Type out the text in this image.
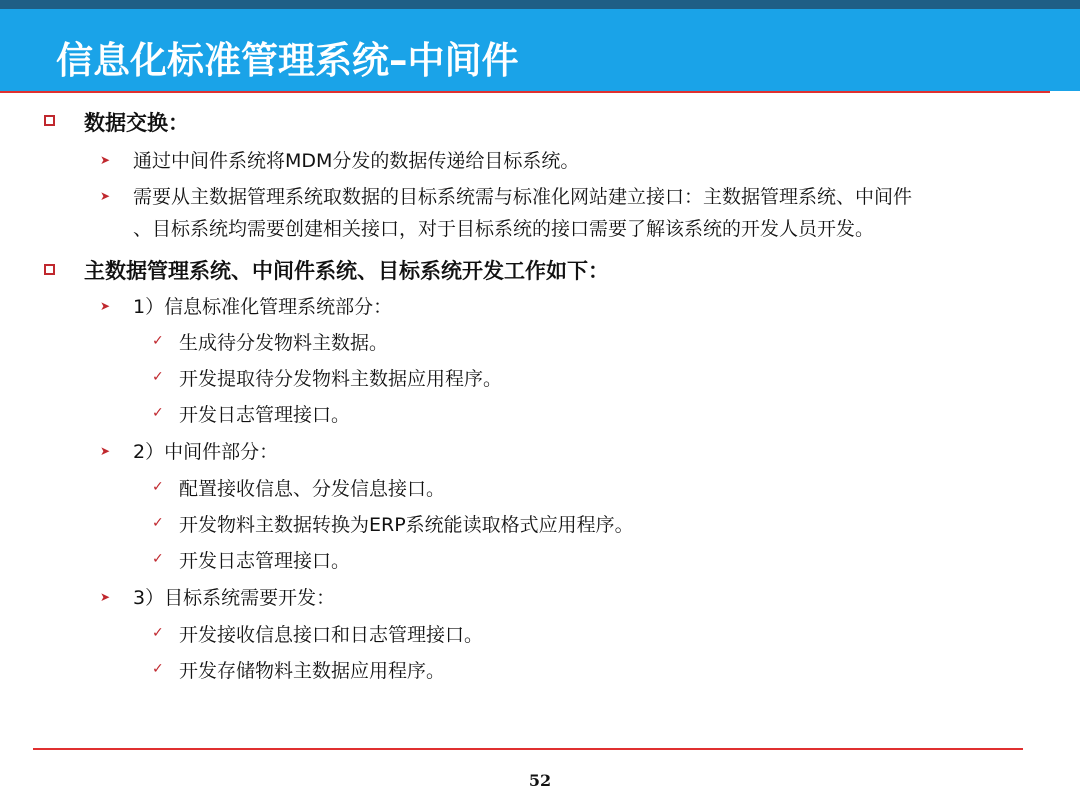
信息化标准管理系统–中间件
数据交换：
➤ 通过中间件系统将MDM分发的数据传递给目标系统。
➤ 需要从主数据管理系统取数据的目标系统需与标准化网站建立接口：主数据管理系统、中间件
、目标系统均需要创建相关接口，对于目标系统的接口需要了解该系统的开发人员开发。
主数据管理系统、中间件系统、目标系统开发工作如下：
➤ 1）信息标准化管理系统部分：
✓ 生成待分发物料主数据。
✓ 开发提取待分发物料主数据应用程序。
✓ 开发日志管理接口。
➤ 2）中间件部分：
✓ 配置接收信息、分发信息接口。
✓ 开发物料主数据转换为ERP系统能读取格式应用程序。
✓ 开发日志管理接口。
➤ 3）目标系统需要开发：
✓ 开发接收信息接口和日志管理接口。
✓ 开发存储物料主数据应用程序。
52
